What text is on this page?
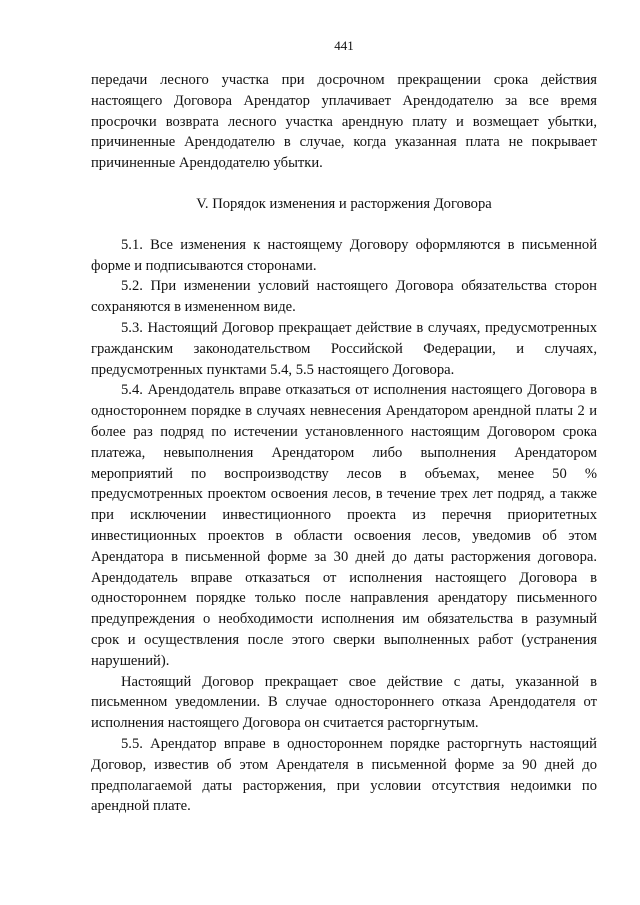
441

передачи лесного участка при досрочном прекращении срока действия настоящего Договора Арендатор уплачивает Арендодателю за все время просрочки возврата лесного участка арендную плату и возмещает убытки, причиненные Арендодателю в случае, когда указанная плата не покрывает причиненные Арендодателю убытки.

V. Порядок изменения и расторжения Договора

5.1. Все изменения к настоящему Договору оформляются в письменной форме и подписываются сторонами.

5.2. При изменении условий настоящего Договора обязательства сторон сохраняются в измененном виде.

5.3. Настоящий Договор прекращает действие в случаях, предусмотренных гражданским законодательством Российской Федерации, и случаях, предусмотренных пунктами 5.4, 5.5 настоящего Договора.

5.4. Арендодатель вправе отказаться от исполнения настоящего Договора в одностороннем порядке в случаях невнесения Арендатором арендной платы 2 и более раз подряд по истечении установленного настоящим Договором срока платежа, невыполнения Арендатором либо выполнения Арендатором мероприятий по воспроизводству лесов в объемах, менее 50 % предусмотренных проектом освоения лесов, в течение трех лет подряд, а также при исключении инвестиционного проекта из перечня приоритетных инвестиционных проектов в области освоения лесов, уведомив об этом Арендатора в письменной форме за 30 дней до даты расторжения договора. Арендодатель вправе отказаться от исполнения настоящего Договора в одностороннем порядке только после направления арендатору письменного предупреждения о необходимости исполнения им обязательства в разумный срок и осуществления после этого сверки выполненных работ (устранения нарушений).

Настоящий Договор прекращает свое действие с даты, указанной в письменном уведомлении. В случае одностороннего отказа Арендодателя от исполнения настоящего Договора он считается расторгнутым.

5.5. Арендатор вправе в одностороннем порядке расторгнуть настоящий Договор, известив об этом Арендателя в письменной форме за 90 дней до предполагаемой даты расторжения, при условии отсутствия недоимки по арендной плате.
